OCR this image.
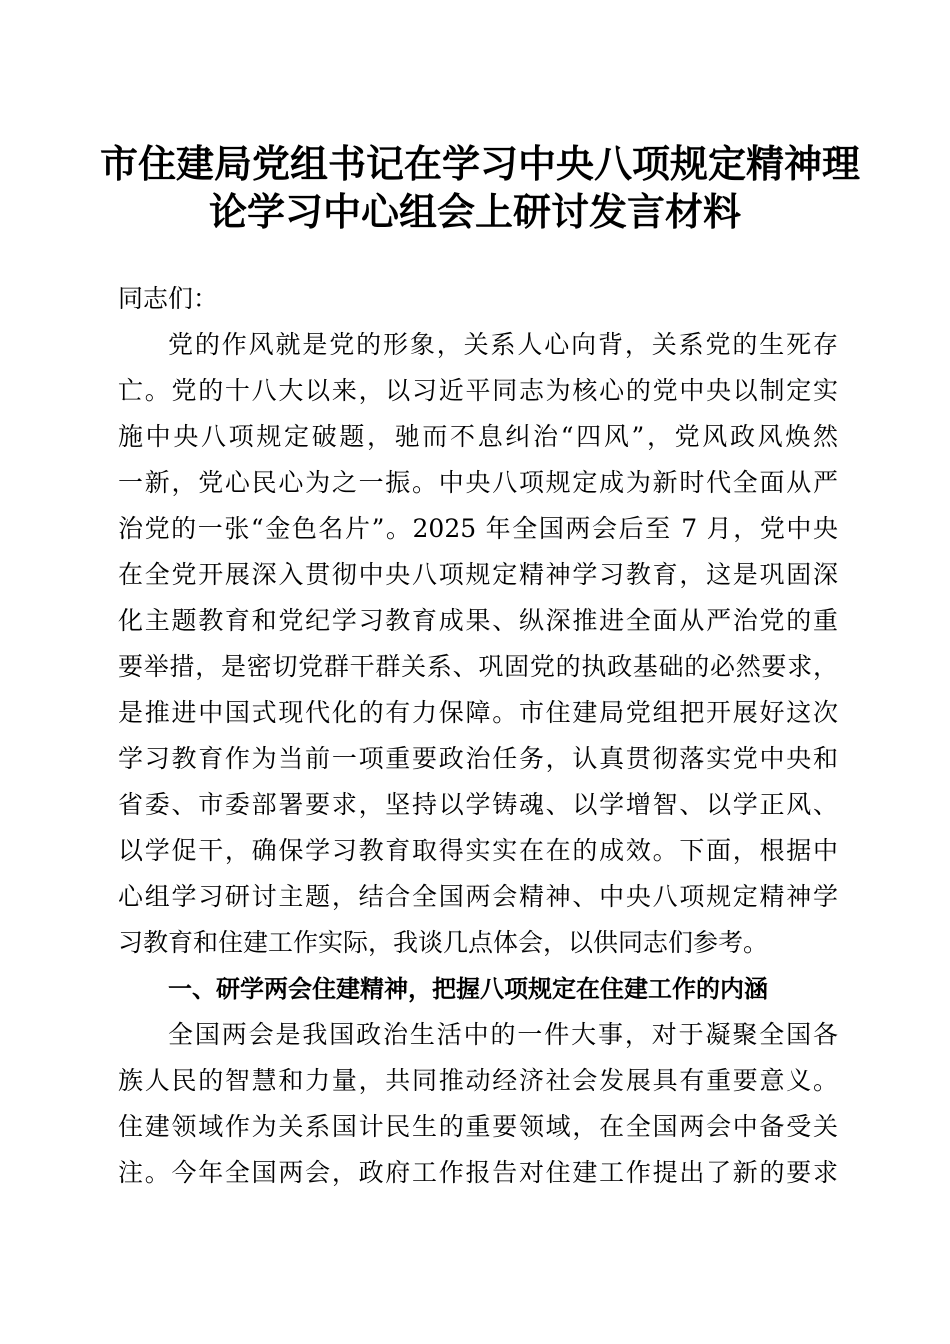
市住建局党组书记在学习中央八项规定精神理
论学习中心组会上研讨发言材料
同志们：
党的作风就是党的形象，关系人心向背，关系党的生死存
亡。党的十八大以来，以习近平同志为核心的党中央以制定实
施中央八项规定破题，驰而不息纠治“四风”，党风政风焕然
一新，党心民心为之一振。中央八项规定成为新时代全面从严
治党的一张“金色名片”。2025 年全国两会后至 7 月，党中央
在全党开展深入贯彻中央八项规定精神学习教育，这是巩固深
化主题教育和党纪学习教育成果、纵深推进全面从严治党的重
要举措，是密切党群干群关系、巩固党的执政基础的必然要求，
是推进中国式现代化的有力保障。市住建局党组把开展好这次
学习教育作为当前一项重要政治任务，认真贯彻落实党中央和
省委、市委部署要求，坚持以学铸魂、以学增智、以学正风、
以学促干，确保学习教育取得实实在在的成效。下面，根据中
心组学习研讨主题，结合全国两会精神、中央八项规定精神学
习教育和住建工作实际，我谈几点体会，以供同志们参考。
一、研学两会住建精神，把握八项规定在住建工作的内涵
全国两会是我国政治生活中的一件大事，对于凝聚全国各
族人民的智慧和力量，共同推动经济社会发展具有重要意义。
住建领域作为关系国计民生的重要领域，在全国两会中备受关
注。今年全国两会，政府工作报告对住建工作提出了新的要求
